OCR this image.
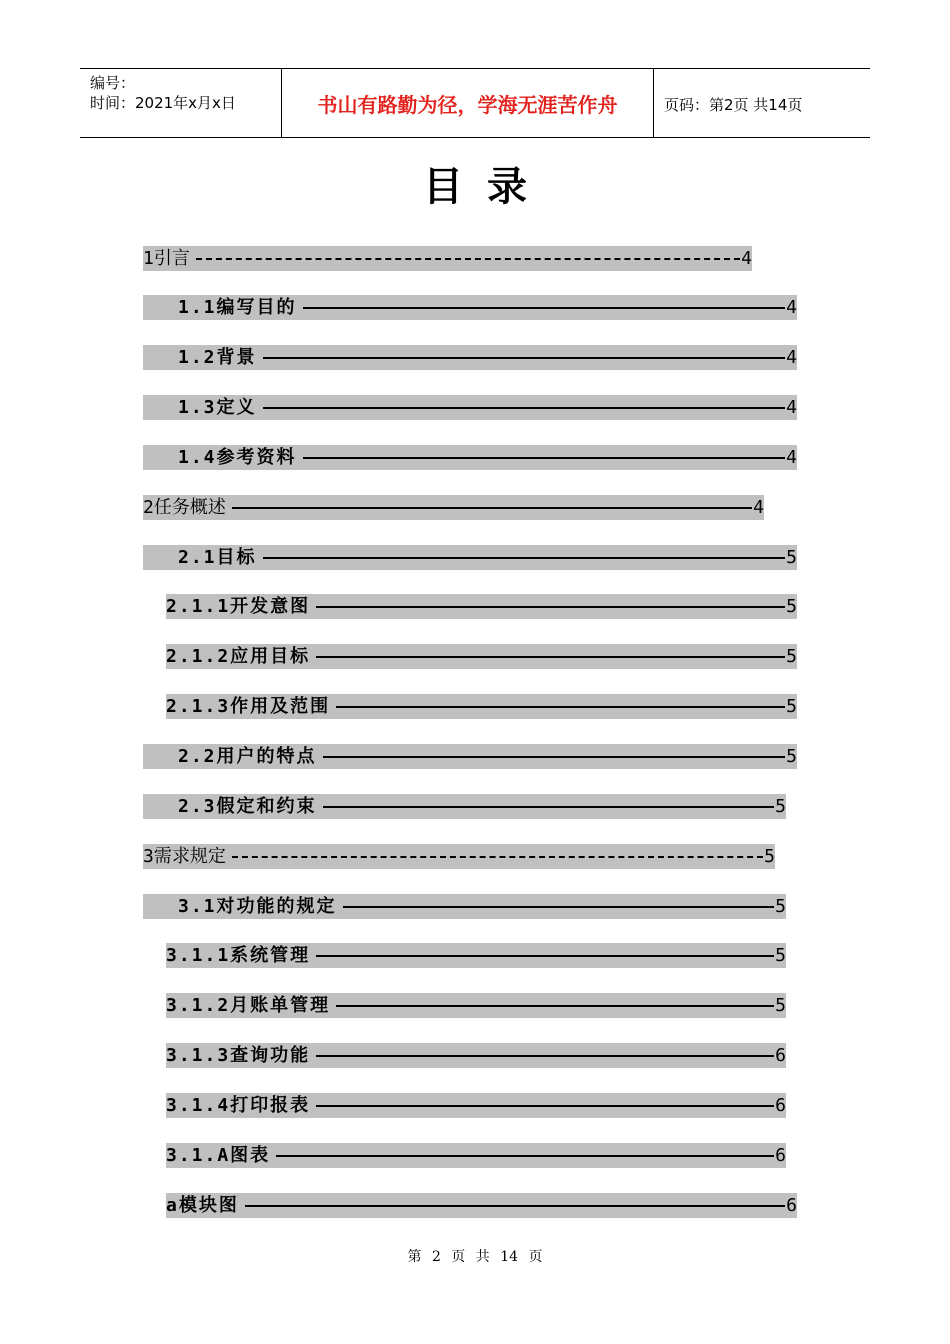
编号：
时间：2021年x月x日	书山有路勤为径，学海无涯苦作舟	页码：第2页 共14页
目录
1引言	4
1.1编写目的	4
1.2背景	4
1.3定义	4
1.4参考资料	4
2任务概述	4
2.1目标	5
2.1.1开发意图	5
2.1.2应用目标	5
2.1.3作用及范围	5
2.2用户的特点	5
2.3假定和约束	5
3需求规定	5
3.1对功能的规定	5
3.1.1系统管理	5
3.1.2月账单管理	5
3.1.3查询功能	6
3.1.4打印报表	6
3.1.A图表	6
a模块图	6
第 2 页 共 14 页
